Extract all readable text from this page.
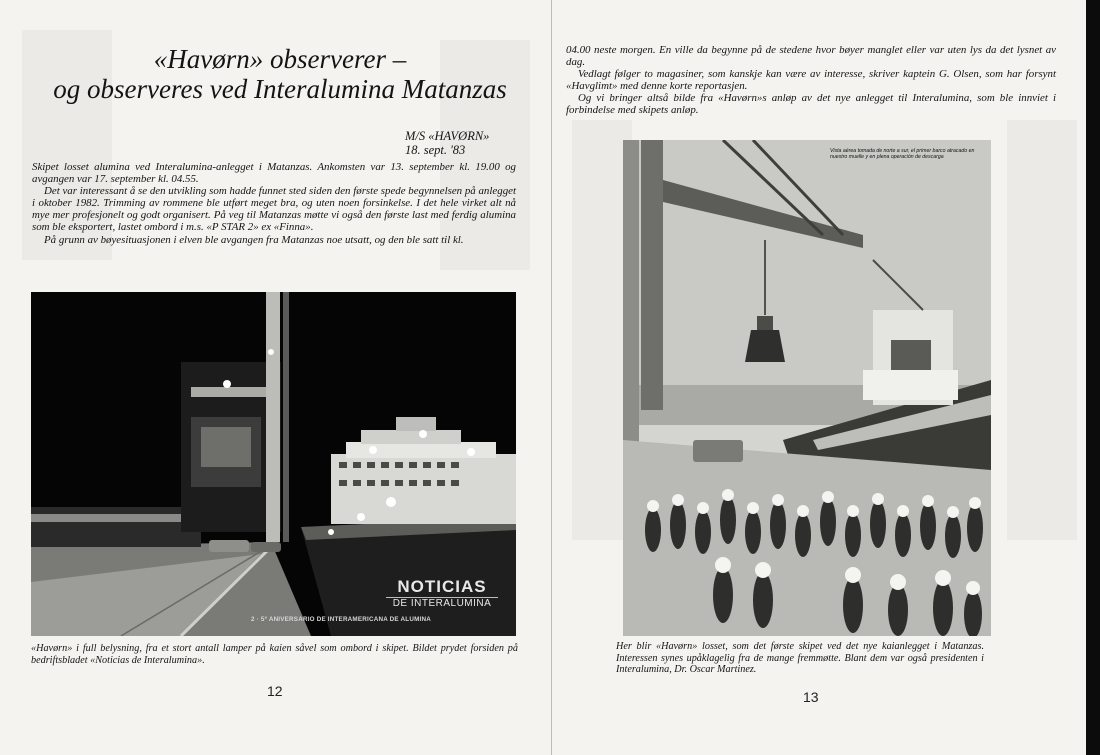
«Havørn» observerer –
og observeres ved Interalumina Matanzas
M/S «HAVØRN»
18. sept. '83

Skipet losset alumina ved Interalumina-anlegget i Matanzas. Ankomsten var 13. september kl. 19.00 og avgangen var 17. september kl. 04.55.

Det var interessant å se den utvikling som hadde funnet sted siden den første spede begynnelsen på anlegget i oktober 1982. Trimming av rommene ble utført meget bra, og uten noen forsinkelse. I det hele virket alt nå mye mer profesjonelt og godt organisert. På veg til Matanzas møtte vi også den første last med ferdig alumina som ble eksportert, lastet ombord i m.s. «P STAR 2» ex «Finna».

På grunn av bøyesituasjonen i elven ble avgangen fra Matanzas noe utsatt, og den ble satt til kl.

NOTICIAS
DE INTERALUMINA
2 · 5º ANIVERSARIO DE INTERAMERICANA DE ALUMINA
«Havørn» i full belysning, fra et stort antall lamper på kaien såvel som ombord i skipet. Bildet prydet forsiden på bedriftsbladet «Noticias de Interalumina».
12

04.00 neste morgen. En ville da begynne på de stedene hvor bøyer manglet eller var uten lys da det lysnet av dag.

Vedlagt følger to magasiner, som kanskje kan være av interesse, skriver kaptein G. Olsen, som har forsynt «Havglimt» med denne korte reportasjen.

Og vi bringer altså bilde fra «Havørn»s anløp av det nye anlegget til Interalumina, som ble innviet i forbindelse med skipets anløp.

Vista aérea tomada de norte a sur, el primer barco atracado en nuestro muelle y en plena operación de descarga
Her blir «Havørn» losset, som det første skipet ved det nye kaianlegget i Matanzas. Interessen synes upåklagelig fra de mange fremmøtte. Blant dem var også presidenten i Interalumina, Dr. Oscar Martinez.
13
